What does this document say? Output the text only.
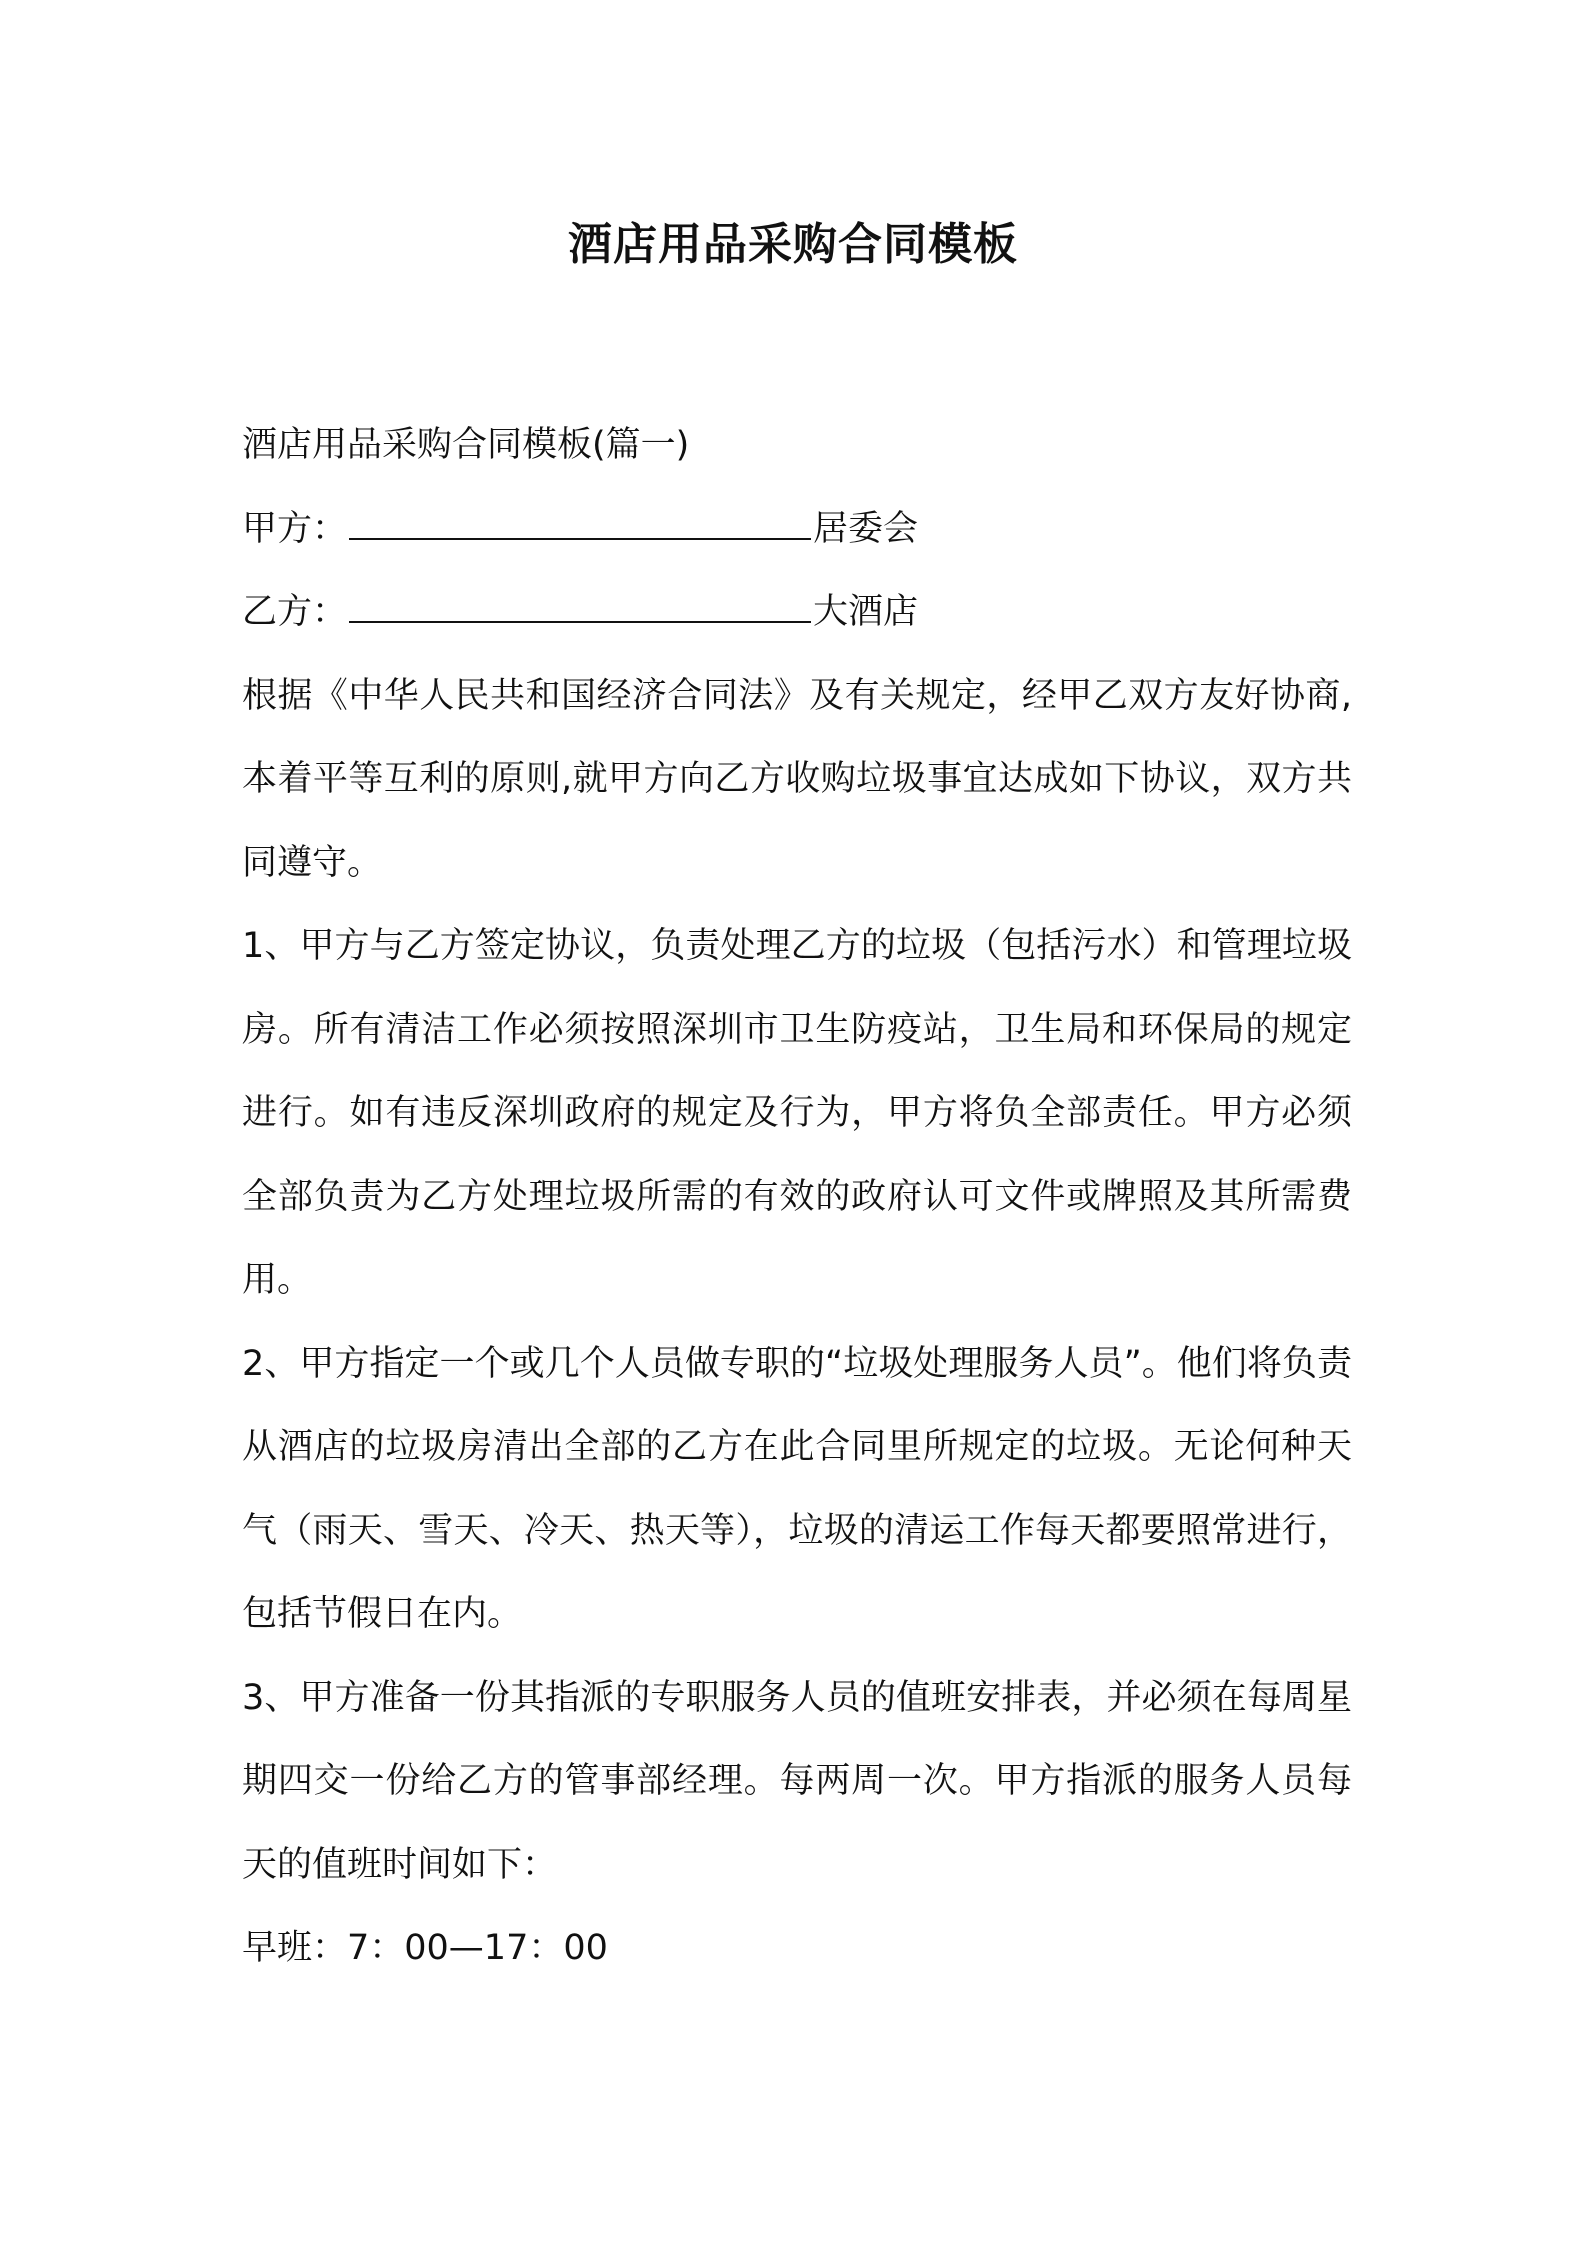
酒店用品采购合同模板

酒店用品采购合同模板(篇一)

甲方：	居委会

乙方：	大酒店

根据《中华人民共和国经济合同法》及有关规定，经甲乙双方友好协商,本着平等互利的原则,就甲方向乙方收购垃圾事宜达成如下协议，双方共同遵守。

1、甲方与乙方签定协议，负责处理乙方的垃圾（包括污水）和管理垃圾房。所有清洁工作必须按照深圳市卫生防疫站，卫生局和环保局的规定进行。如有违反深圳政府的规定及行为，甲方将负全部责任。甲方必须全部负责为乙方处理垃圾所需的有效的政府认可文件或牌照及其所需费用。

2、甲方指定一个或几个人员做专职的“垃圾处理服务人员”。他们将负责从酒店的垃圾房清出全部的乙方在此合同里所规定的垃圾。无论何种天气（雨天、雪天、冷天、热天等），垃圾的清运工作每天都要照常进行，包括节假日在内。

3、甲方准备一份其指派的专职服务人员的值班安排表，并必须在每周星期四交一份给乙方的管事部经理。每两周一次。甲方指派的服务人员每天的值班时间如下：

早班：7：00—17：00
